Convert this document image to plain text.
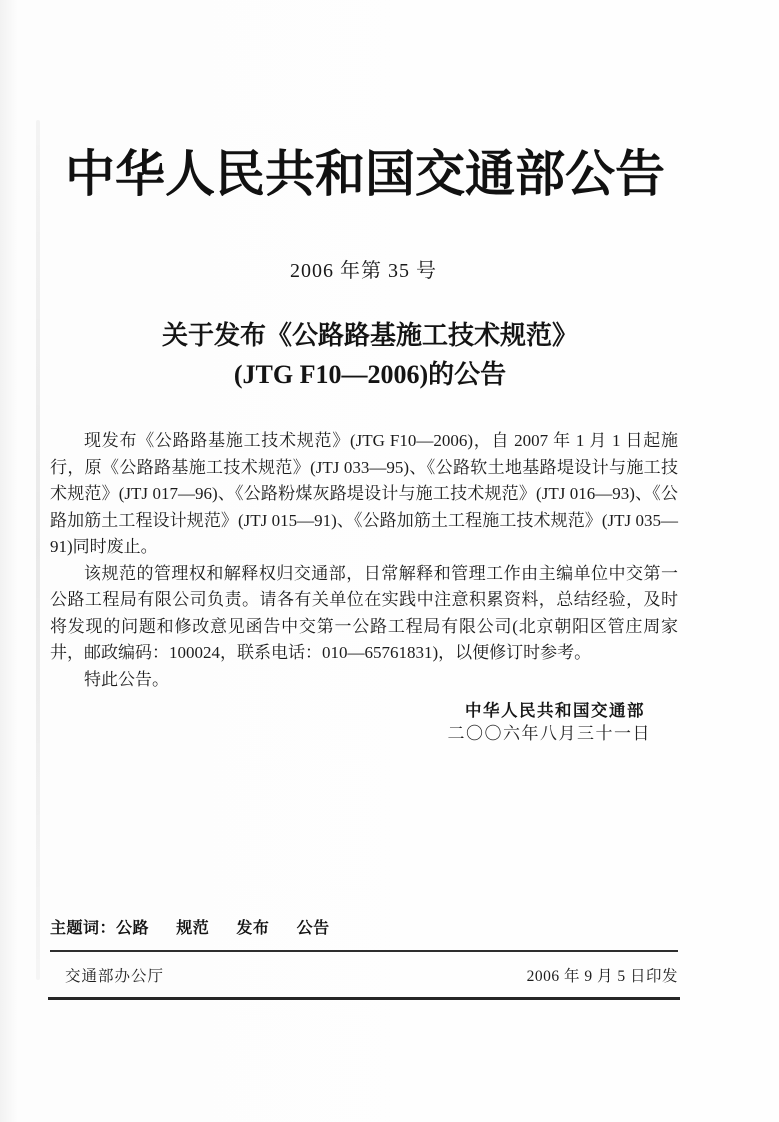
中华人民共和国交通部公告
2006 年第 35 号
关于发布《公路路基施工技术规范》
(JTG F10—2006)的公告

现发布《公路路基施工技术规范》(JTG F10—2006)，自 2007 年 1 月 1 日起施行，原《公路路基施工技术规范》(JTJ 033—95)、《公路软土地基路堤设计与施工技术规范》(JTJ 017—96)、《公路粉煤灰路堤设计与施工技术规范》(JTJ 016—93)、《公路加筋土工程设计规范》(JTJ 015—91)、《公路加筋土工程施工技术规范》(JTJ 035—91)同时废止。

该规范的管理权和解释权归交通部，日常解释和管理工作由主编单位中交第一公路工程局有限公司负责。请各有关单位在实践中注意积累资料，总结经验，及时将发现的问题和修改意见函告中交第一公路工程局有限公司(北京朝阳区管庄周家井，邮政编码：100024，联系电话：010—65761831)，以便修订时参考。

特此公告。

中华人民共和国交通部
二〇〇六年八月三十一日
主题词：公路 规范 发布 公告
交通部办公厅	2006 年 9 月 5 日印发
